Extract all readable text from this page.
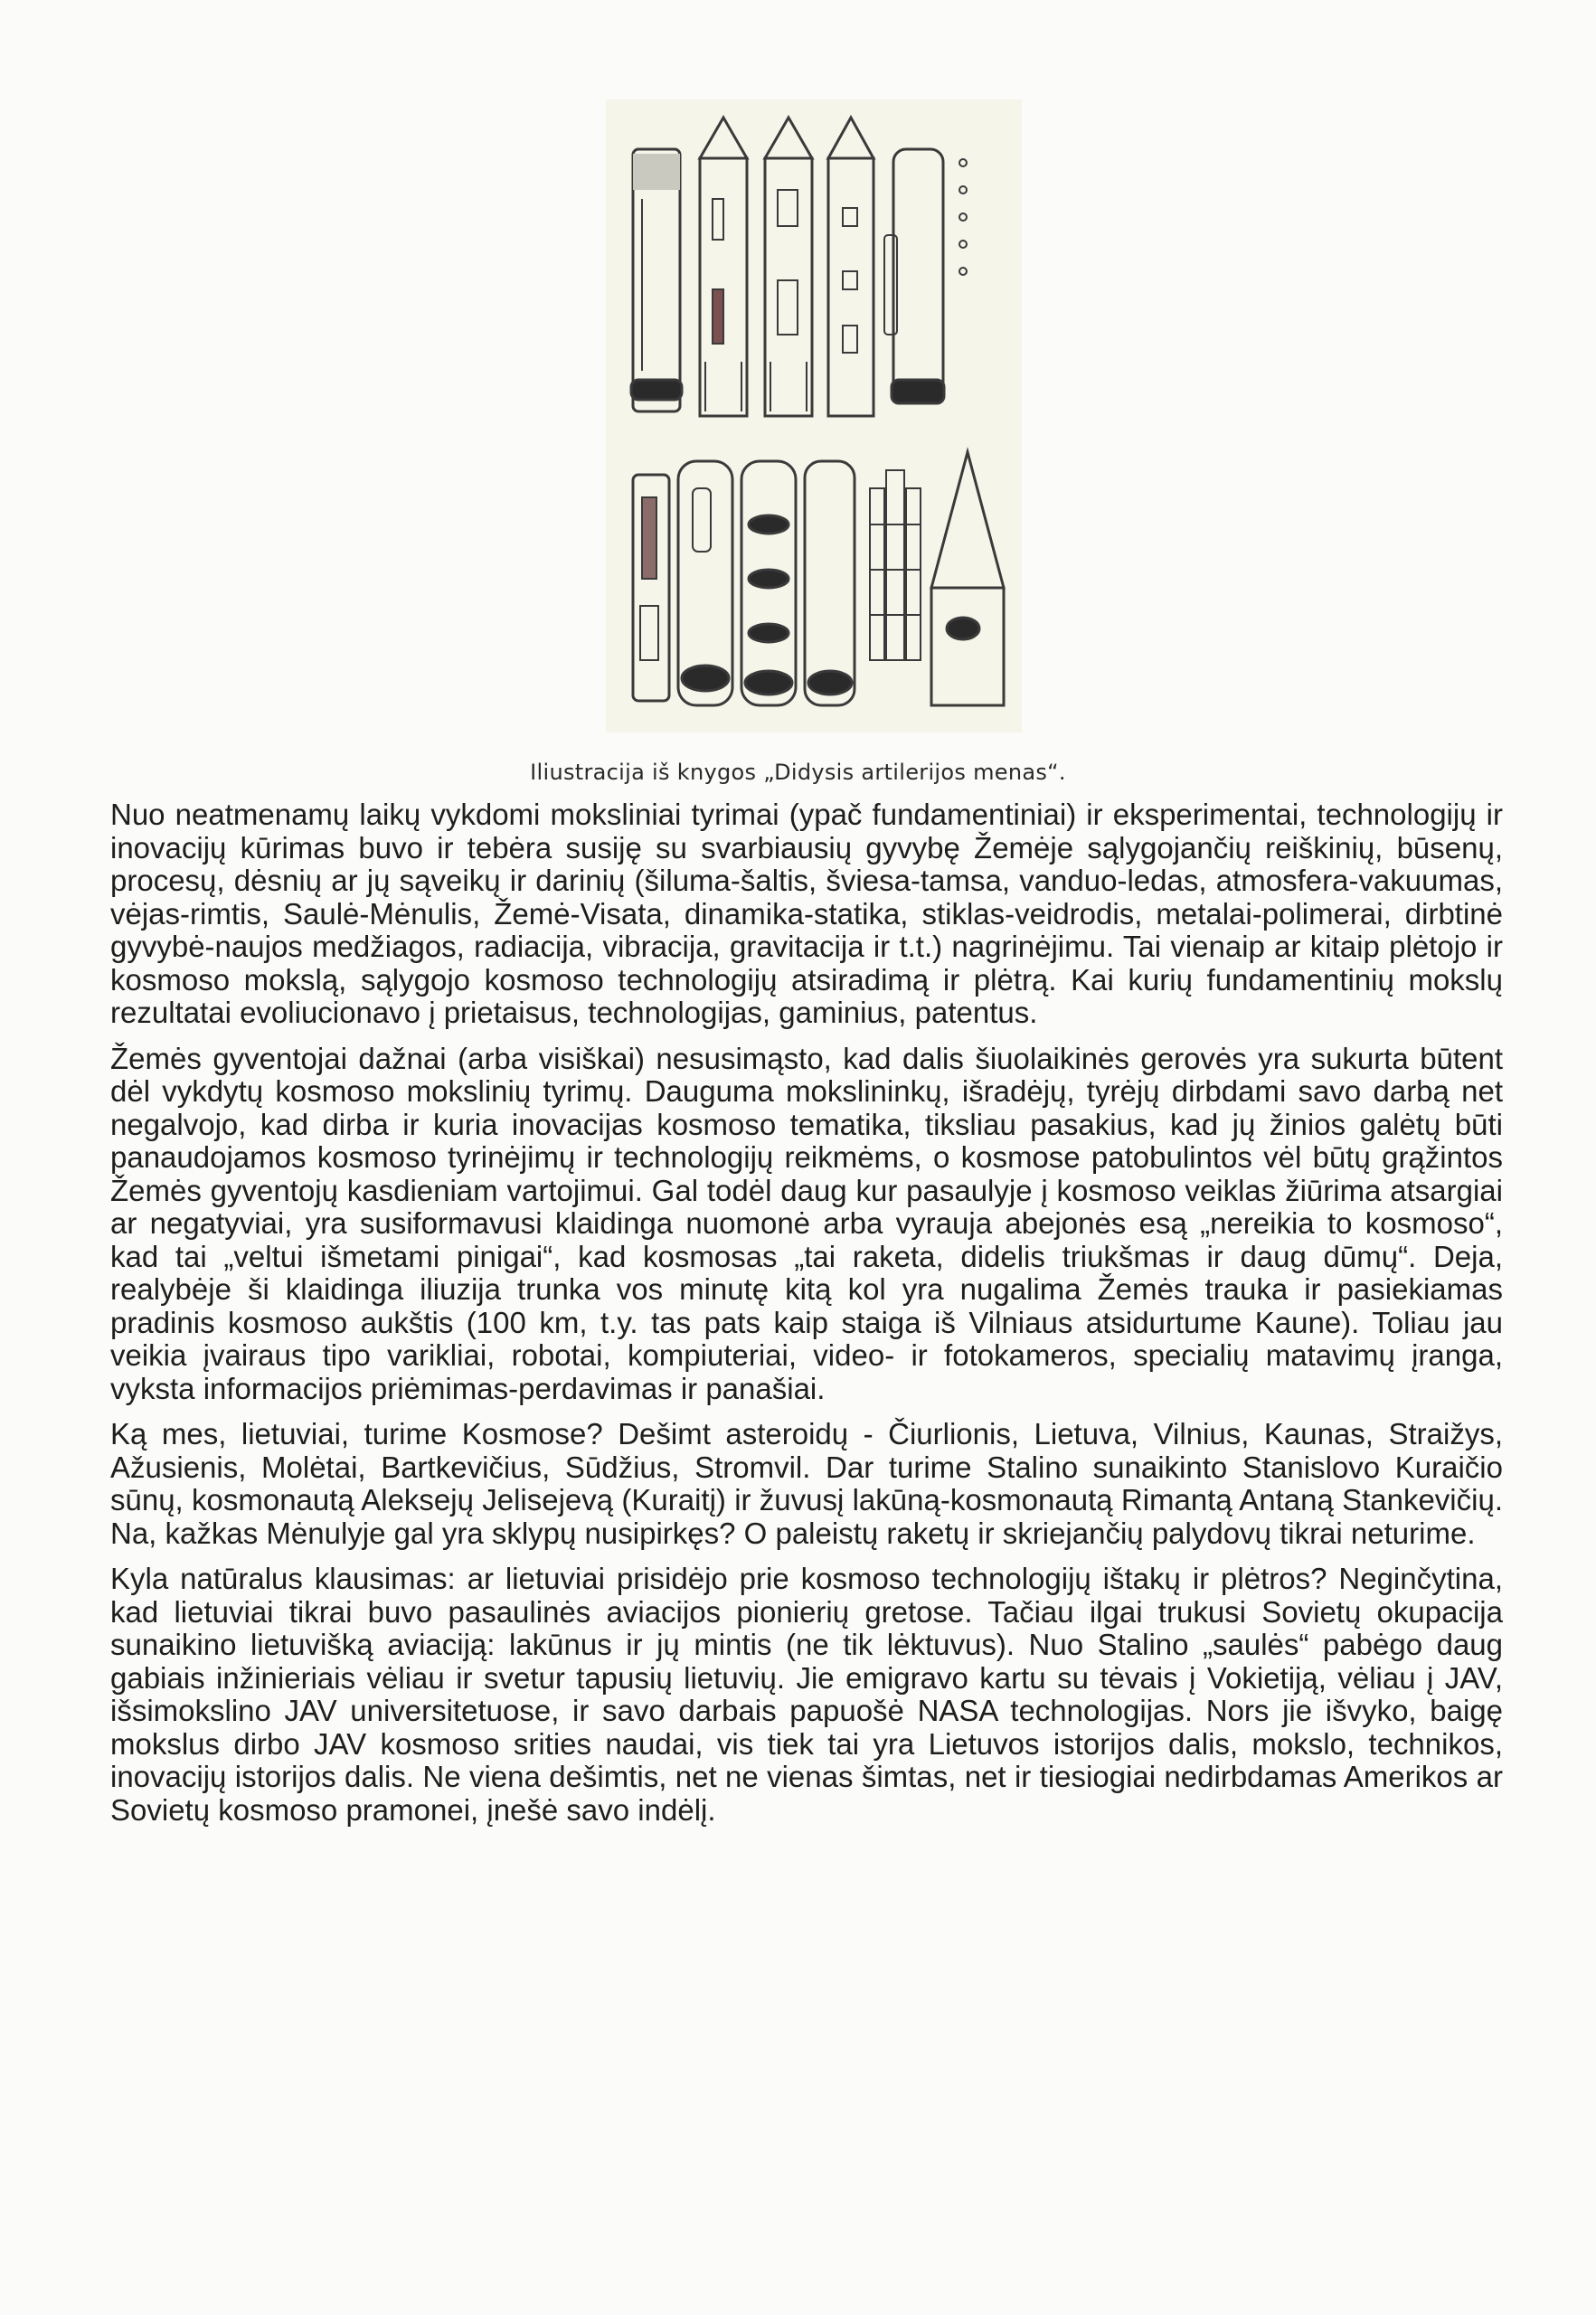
Iliustracija iš knygos „Didysis artilerijos menas“.

Nuo neatmenamų laikų vykdomi moksliniai tyrimai (ypač fundamentiniai) ir eksperimentai, technologijų ir inovacijų kūrimas buvo ir tebėra susiję su svarbiausių gyvybę Žemėje sąlygojančių reiškinių, būsenų, procesų, dėsnių ar jų sąveikų ir darinių (šiluma-šaltis, šviesa-tamsa, vanduo-ledas, atmosfera-vakuumas, vėjas-rimtis, Saulė-Mėnulis, Žemė-Visata, dinamika-statika, stiklas-veidrodis, metalai-polimerai, dirbtinė gyvybė-naujos medžiagos, radiacija, vibracija, gravitacija ir t.t.) nagrinėjimu. Tai vienaip ar kitaip plėtojo ir kosmoso mokslą, sąlygojo kosmoso technologijų atsiradimą ir plėtrą. Kai kurių fundamentinių mokslų rezultatai evoliucionavo į prietaisus, technologijas, gaminius, patentus.

Žemės gyventojai dažnai (arba visiškai) nesusimąsto, kad dalis šiuolaikinės gerovės yra sukurta būtent dėl vykdytų kosmoso mokslinių tyrimų. Dauguma mokslininkų, išradėjų, tyrėjų dirbdami savo darbą net negalvojo, kad dirba ir kuria inovacijas kosmoso tematika, tiksliau pasakius, kad jų žinios galėtų būti panaudojamos kosmoso tyrinėjimų ir technologijų reikmėms, o kosmose patobulintos vėl būtų grąžintos Žemės gyventojų kasdieniam vartojimui. Gal todėl daug kur pasaulyje į kosmoso veiklas žiūrima atsargiai ar negatyviai, yra susiformavusi klaidinga nuomonė arba vyrauja abejonės esą „nereikia to kosmoso“, kad tai „veltui išmetami pinigai“, kad kosmosas „tai raketa, didelis triukšmas ir daug dūmų“. Deja, realybėje ši klaidinga iliuzija trunka vos minutę kitą kol yra nugalima Žemės trauka ir pasiekiamas pradinis kosmoso aukštis (100 km, t.y. tas pats kaip staiga iš Vilniaus atsidurtume Kaune). Toliau jau veikia įvairaus tipo varikliai, robotai, kompiuteriai, video- ir fotokameros, specialių matavimų įranga, vyksta informacijos priėmimas-perdavimas ir panašiai.

Ką mes, lietuviai, turime Kosmose? Dešimt asteroidų - Čiurlionis, Lietuva, Vilnius, Kaunas, Straižys, Ažusienis, Molėtai, Bartkevičius, Sūdžius, Stromvil. Dar turime Stalino sunaikinto Stanislovo Kuraičio sūnų, kosmonautą Aleksejų Jelisejevą (Kuraitį) ir žuvusį lakūną-kosmonautą Rimantą Antaną Stankevičių. Na, kažkas Mėnulyje gal yra sklypų nusipirkęs? O paleistų raketų ir skriejančių palydovų tikrai neturime.

Kyla natūralus klausimas: ar lietuviai prisidėjo prie kosmoso technologijų ištakų ir plėtros? Neginčytina, kad lietuviai tikrai buvo pasaulinės aviacijos pionierių gretose. Tačiau ilgai trukusi Sovietų okupacija sunaikino lietuvišką aviaciją: lakūnus ir jų mintis (ne tik lėktuvus). Nuo Stalino „saulės“ pabėgo daug gabiais inžinieriais vėliau ir svetur tapusių lietuvių. Jie emigravo kartu su tėvais į Vokietiją, vėliau į JAV, išsimokslino JAV universitetuose, ir savo darbais papuošė NASA technologijas. Nors jie išvyko, baigę mokslus dirbo JAV kosmoso srities naudai, vis tiek tai yra Lietuvos istorijos dalis, mokslo, technikos, inovacijų istorijos dalis. Ne viena dešimtis, net ne vienas šimtas, net ir tiesiogiai nedirbdamas Amerikos ar Sovietų kosmoso pramonei, įnešė savo indėlį.
